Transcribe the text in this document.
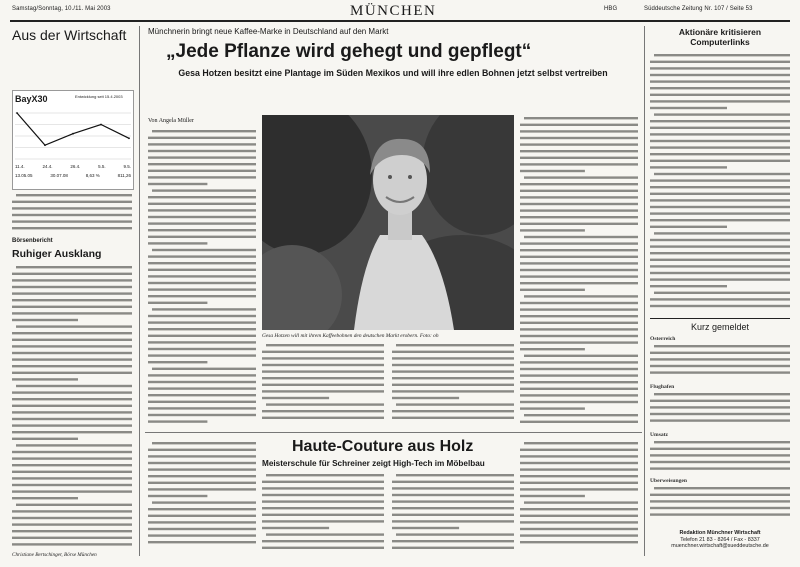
Samstag/Sonntag, 10./11. Mai 2003	MÜNCHEN	HBG	Süddeutsche Zeitung Nr. 107 / Seite 53
Aus der Wirtschaft
BayX30	Entwicklung seit 15.4.2003
11.4.	24.4.	26.4.	5.5.	9.5.
13.05.05	30.07.08	8,63 %	811,26
Börsenbericht
Ruhiger Ausklang
Christiane Bertschinger, Börse München
Münchnerin bringt neue Kaffee-Marke in Deutschland auf den Markt
„Jede Pflanze wird gehegt und gepflegt“
Gesa Hotzen besitzt eine Plantage im Süden Mexikos und will ihre edlen Bohnen jetzt selbst vertreiben
Von Angela Müller
Gesa Hotzen will mit ihrem Kaffeebohnen den deutschen Markt erobern. Foto: oh
Haute-Couture aus Holz
Meisterschule für Schreiner zeigt High-Tech im Möbelbau
Aktionäre kritisieren Computerlinks
Kurz gemeldet
Österreich
Flughafen
Umsatz
Überweisungen
Redaktion Münchner Wirtschaft
Telefon 21 83 - 8264 / Fax - 8337
muenchner.wirtschaft@sueddeutsche.de
